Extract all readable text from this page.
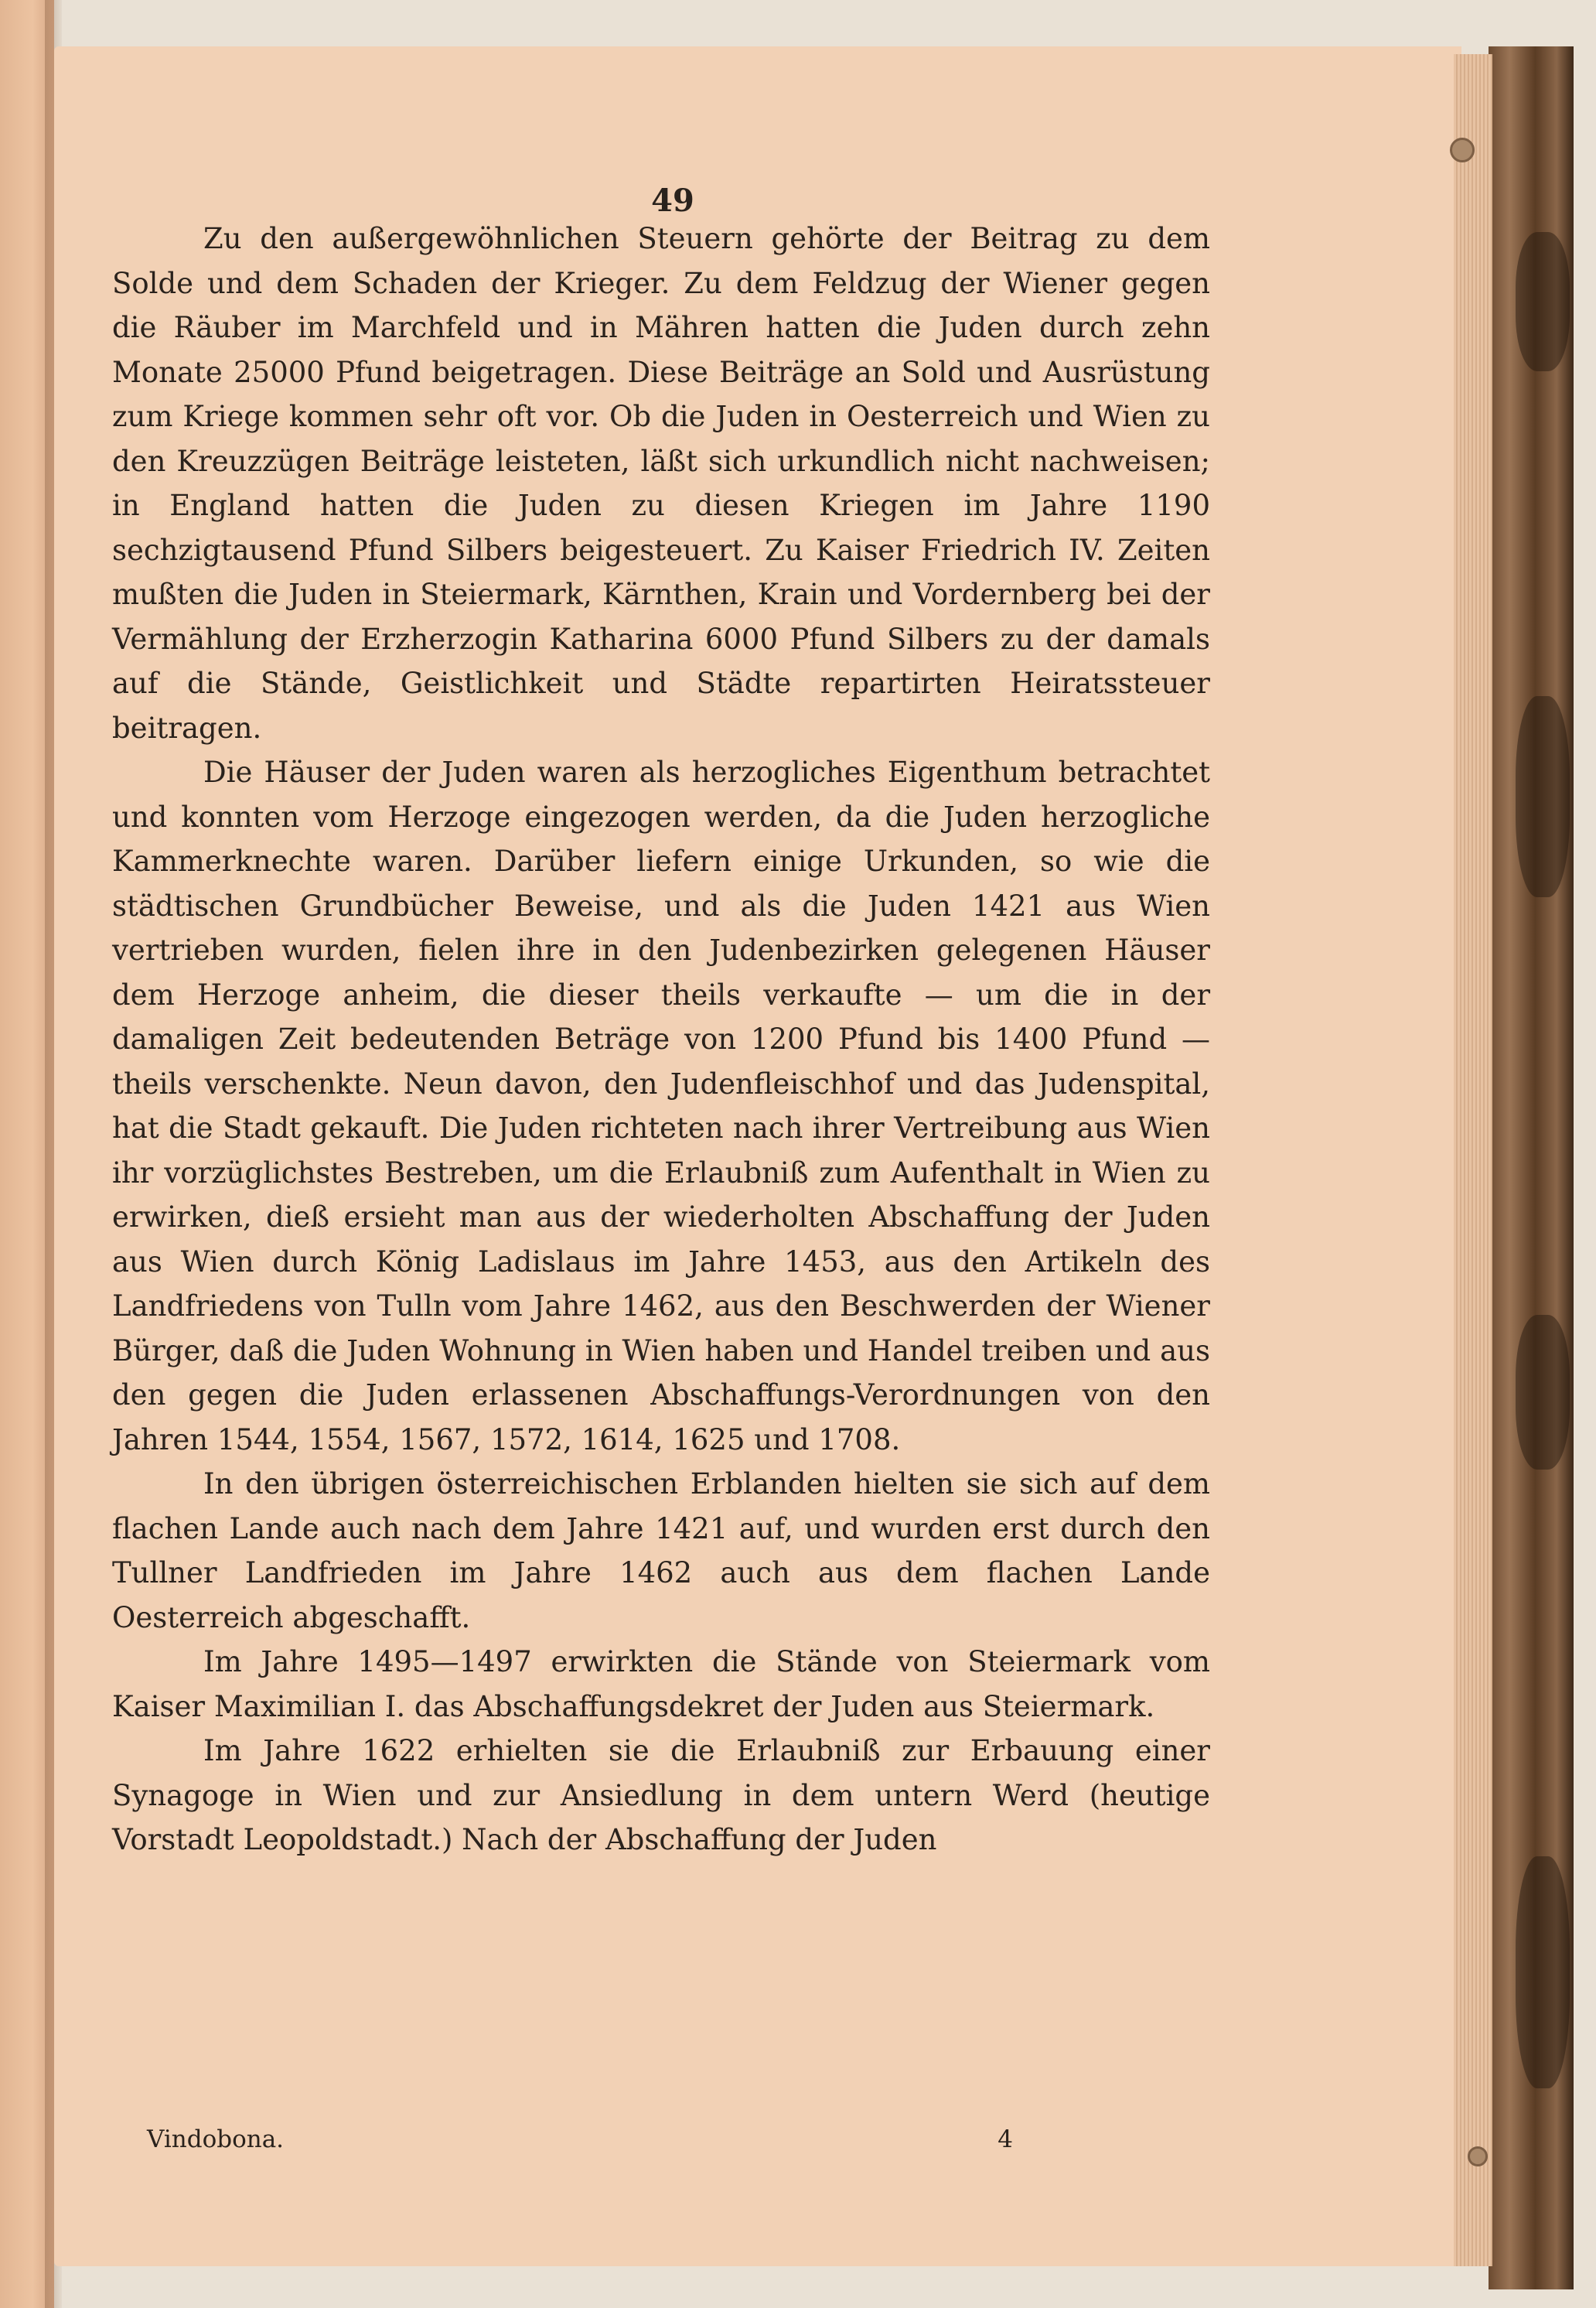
49

Zu den außergewöhnlichen Steuern gehörte der Beitrag zu dem Solde und dem Schaden der Krieger. Zu dem Feldzug der Wiener gegen die Räuber im Marchfeld und in Mähren hatten die Juden durch zehn Monate 25000 Pfund beigetragen. Diese Beiträge an Sold und Ausrüstung zum Kriege kommen sehr oft vor. Ob die Juden in Oesterreich und Wien zu den Kreuzzügen Beiträge leisteten, läßt sich urkundlich nicht nachweisen; in England hatten die Juden zu diesen Kriegen im Jahre 1190 sechzigtausend Pfund Silbers beigesteuert. Zu Kaiser Friedrich IV. Zeiten mußten die Juden in Steiermark, Kärnthen, Krain und Vordernberg bei der Vermählung der Erzherzogin Katharina 6000 Pfund Silbers zu der damals auf die Stände, Geistlichkeit und Städte repartirten Heiratssteuer beitragen.

Die Häuser der Juden waren als herzogliches Eigenthum betrachtet und konnten vom Herzoge eingezogen werden, da die Juden herzogliche Kammerknechte waren. Darüber liefern einige Urkunden, so wie die städtischen Grundbücher Beweise, und als die Juden 1421 aus Wien vertrieben wurden, fielen ihre in den Judenbezirken gelegenen Häuser dem Herzoge anheim, die dieser theils verkaufte — um die in der damaligen Zeit bedeutenden Beträge von 1200 Pfund bis 1400 Pfund — theils verschenkte. Neun davon, den Judenfleischhof und das Judenspital, hat die Stadt gekauft. Die Juden richteten nach ihrer Vertreibung aus Wien ihr vorzüglichstes Bestreben, um die Erlaubniß zum Aufenthalt in Wien zu erwirken, dieß ersieht man aus der wiederholten Abschaffung der Juden aus Wien durch König Ladislaus im Jahre 1453, aus den Artikeln des Landfriedens von Tulln vom Jahre 1462, aus den Beschwerden der Wiener Bürger, daß die Juden Wohnung in Wien haben und Handel treiben und aus den gegen die Juden erlassenen Abschaffungs-Verordnungen von den Jahren 1544, 1554, 1567, 1572, 1614, 1625 und 1708.

In den übrigen österreichischen Erblanden hielten sie sich auf dem flachen Lande auch nach dem Jahre 1421 auf, und wurden erst durch den Tullner Landfrieden im Jahre 1462 auch aus dem flachen Lande Oesterreich abgeschafft.

Im Jahre 1495—1497 erwirkten die Stände von Steiermark vom Kaiser Maximilian I. das Abschaffungsdekret der Juden aus Steiermark.

Im Jahre 1622 erhielten sie die Erlaubniß zur Erbauung einer Synagoge in Wien und zur Ansiedlung in dem untern Werd (heutige Vorstadt Leopoldstadt.) Nach der Abschaffung der Juden

Vindobona.	4
